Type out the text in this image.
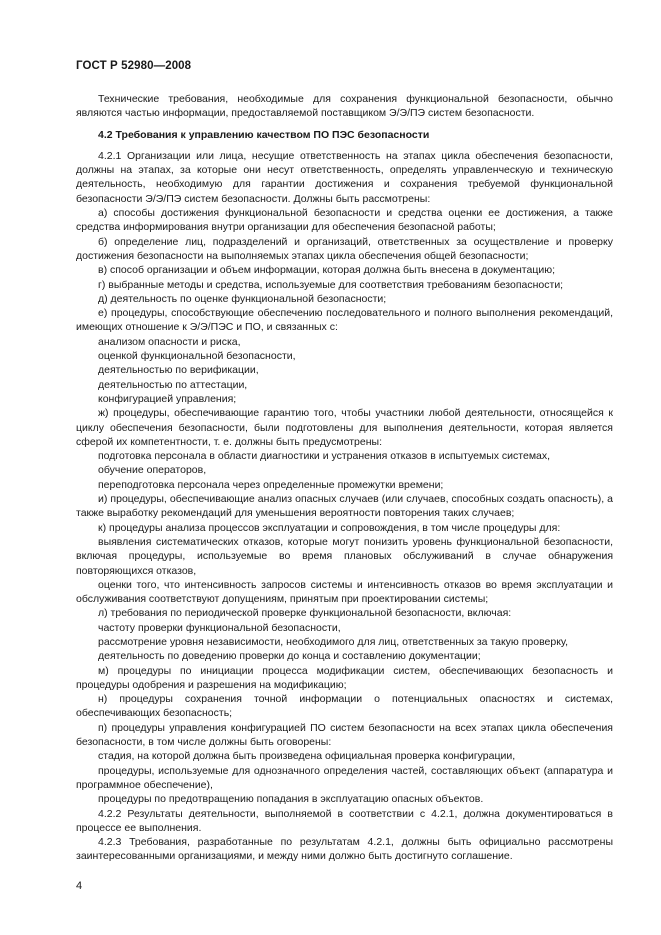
ГОСТ Р 52980—2008

Технические требования, необходимые для сохранения функциональной безопасности, обычно являются частью информации, предоставляемой поставщиком Э/Э/ПЭ систем безопасности.

4.2 Требования к управлению качеством ПО ПЭС безопасности

4.2.1 Организации или лица, несущие ответственность на этапах цикла обеспечения безопасности, должны на этапах, за которые они несут ответственность, определять управленческую и техническую деятельность, необходимую для гарантии достижения и сохранения требуемой функциональной безопасности Э/Э/ПЭ систем безопасности. Должны быть рассмотрены:

а) способы достижения функциональной безопасности и средства оценки ее достижения, а также средства информирования внутри организации для обеспечения безопасной работы;

б) определение лиц, подразделений и организаций, ответственных за осуществление и проверку достижения безопасности на выполняемых этапах цикла обеспечения общей безопасности;

в) способ организации и объем информации, которая должна быть внесена в документацию;

г) выбранные методы и средства, используемые для соответствия требованиям безопасности;

д) деятельность по оценке функциональной безопасности;

е) процедуры, способствующие обеспечению последовательного и полного выполнения рекомендаций, имеющих отношение к Э/Э/ПЭС и ПО, и связанных с:

анализом опасности и риска,

оценкой функциональной безопасности,

деятельностью по верификации,

деятельностью по аттестации,

конфигурацией управления;

ж) процедуры, обеспечивающие гарантию того, чтобы участники любой деятельности, относящейся к циклу обеспечения безопасности, были подготовлены для выполнения деятельности, которая является сферой их компетентности, т. е. должны быть предусмотрены:

подготовка персонала в области диагностики и устранения отказов в испытуемых системах,

обучение операторов,

переподготовка персонала через определенные промежутки времени;

и) процедуры, обеспечивающие анализ опасных случаев (или случаев, способных создать опасность), а также выработку рекомендаций для уменьшения вероятности повторения таких случаев;

к) процедуры анализа процессов эксплуатации и сопровождения, в том числе процедуры для:

выявления систематических отказов, которые могут понизить уровень функциональной безопасности, включая процедуры, используемые во время плановых обслуживаний в случае обнаружения повторяющихся отказов,

оценки того, что интенсивность запросов системы и интенсивность отказов во время эксплуатации и обслуживания соответствуют допущениям, принятым при проектировании системы;

л) требования по периодической проверке функциональной безопасности, включая:

частоту проверки функциональной безопасности,

рассмотрение уровня независимости, необходимого для лиц, ответственных за такую проверку,

деятельность по доведению проверки до конца и составлению документации;

м) процедуры по инициации процесса модификации систем, обеспечивающих безопасность и процедуры одобрения и разрешения на модификацию;

н) процедуры сохранения точной информации о потенциальных опасностях и системах, обеспечивающих безопасность;

п) процедуры управления конфигурацией ПО систем безопасности на всех этапах цикла обеспечения безопасности, в том числе должны быть оговорены:

стадия, на которой должна быть произведена официальная проверка конфигурации,

процедуры, используемые для однозначного определения частей, составляющих объект (аппаратура и программное обеспечение),

процедуры по предотвращению попадания в эксплуатацию опасных объектов.

4.2.2 Результаты деятельности, выполняемой в соответствии с 4.2.1, должна документироваться в процессе ее выполнения.

4.2.3 Требования, разработанные по результатам 4.2.1, должны быть официально рассмотрены заинтересованными организациями, и между ними должно быть достигнуто соглашение.

4
